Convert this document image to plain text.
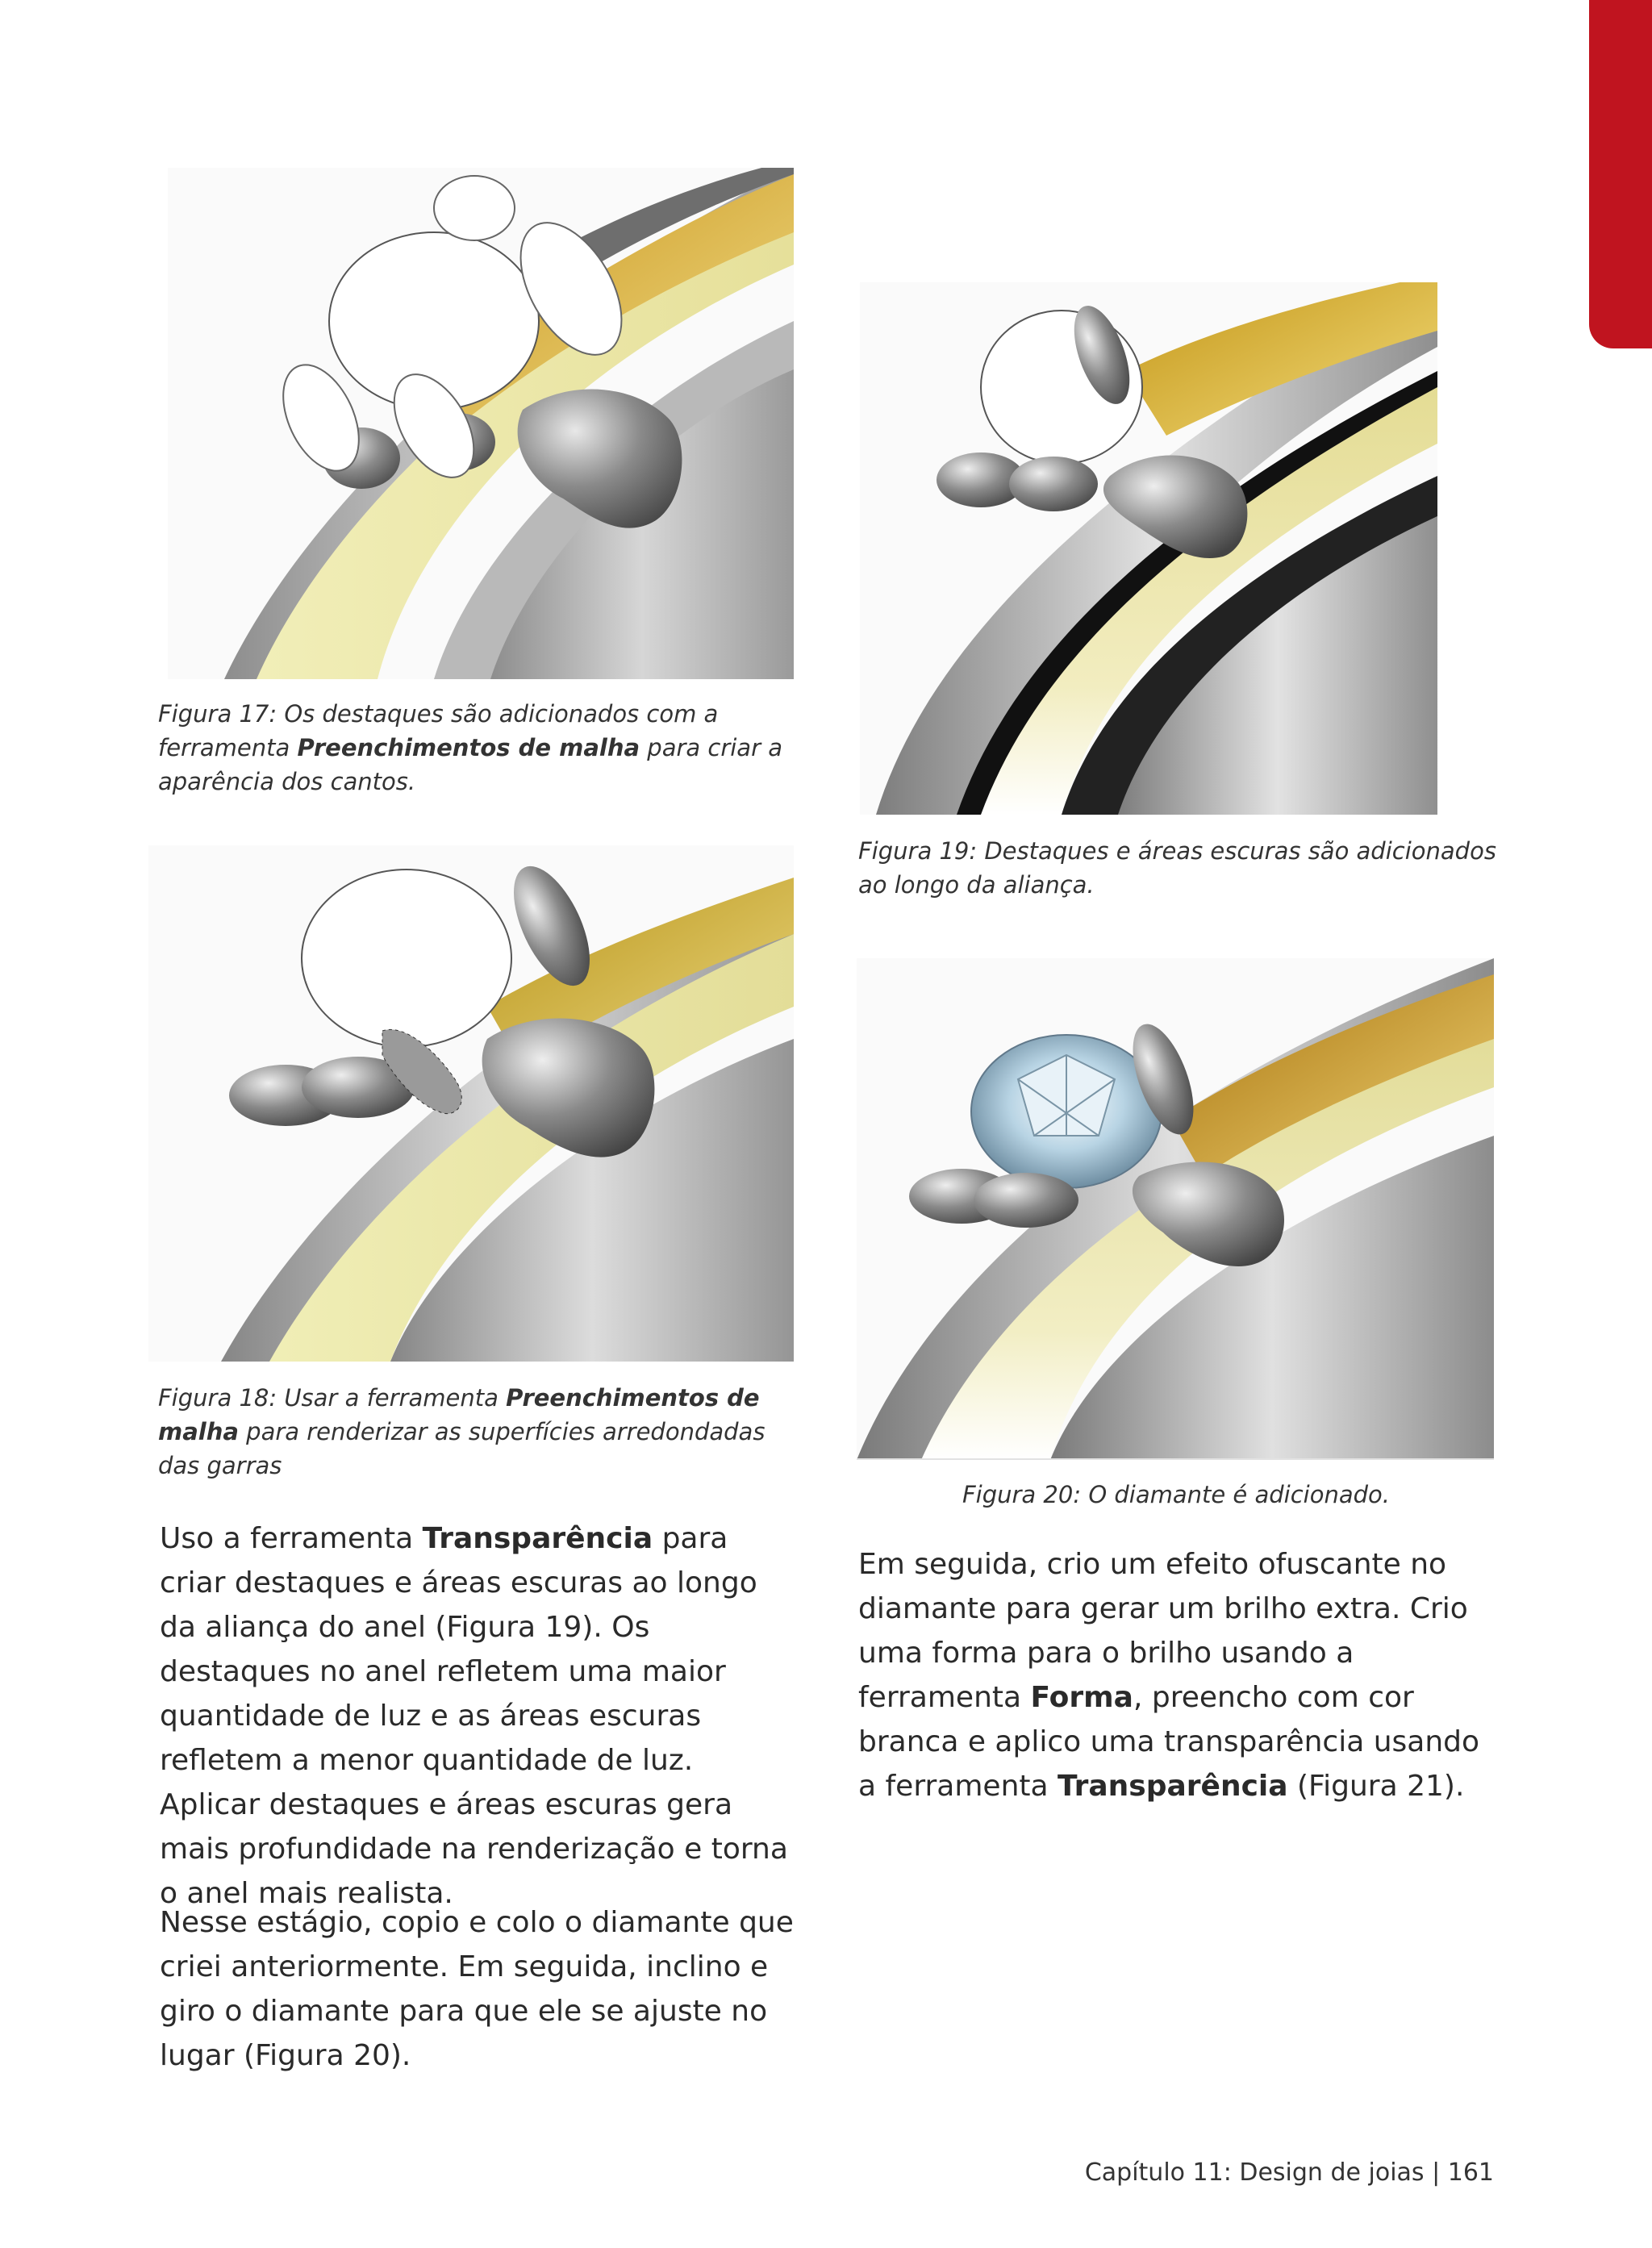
Figura 17: Os destaques são adicionados com a ferramenta Preenchimentos de malha para criar a aparência dos cantos.
Figura 19: Destaques e áreas escuras são adicionados ao longo da aliança.
Figura 18: Usar a ferramenta Preenchimentos de malha para renderizar as superfícies arredondadas das garras
Figura 20: O diamante é adicionado.

Uso a ferramenta Transparência para criar destaques e áreas escuras ao longo da aliança do anel (Figura 19). Os destaques no anel refletem uma maior quantidade de luz e as áreas escuras refletem a menor quantidade de luz. Aplicar destaques e áreas escuras gera mais profundidade na renderização e torna o anel mais realista.

Nesse estágio, copio e colo o diamante que criei anteriormente. Em seguida, inclino e giro o diamante para que ele se ajuste no lugar (Figura 20).

Em seguida, crio um efeito ofuscante no diamante para gerar um brilho extra. Crio uma forma para o brilho usando a ferramenta Forma, preencho com cor branca e aplico uma transparência usando a ferramenta Transparência (Figura 21).

Capítulo 11: Design de joias | 161
